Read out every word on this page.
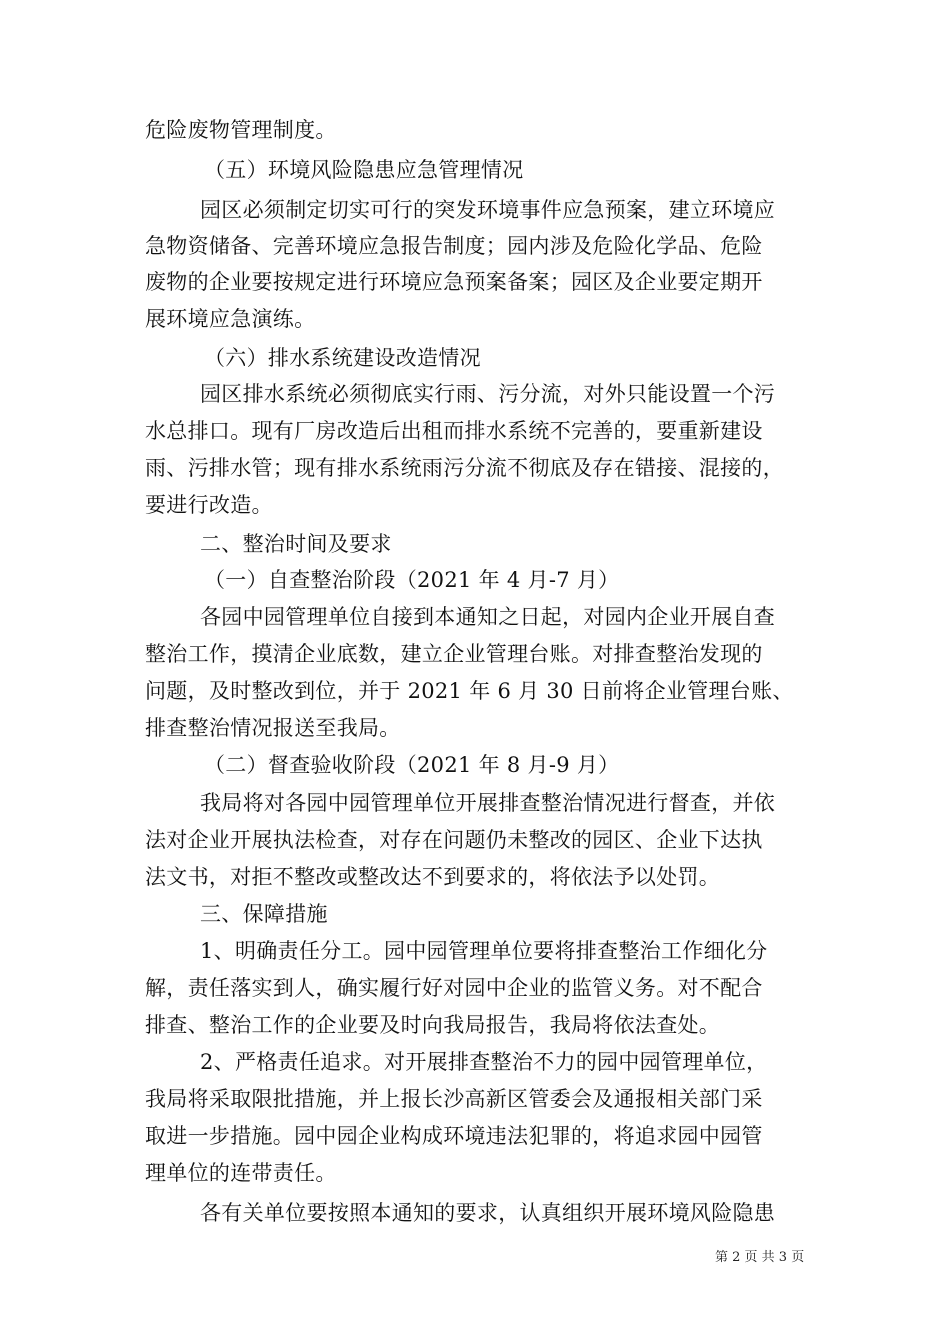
危险废物管理制度。
（五）环境风险隐患应急管理情况
园区必须制定切实可行的突发环境事件应急预案，建立环境应
急物资储备、完善环境应急报告制度；园内涉及危险化学品、危险
废物的企业要按规定进行环境应急预案备案；园区及企业要定期开
展环境应急演练。
（六）排水系统建设改造情况
园区排水系统必须彻底实行雨、污分流，对外只能设置一个污
水总排口。现有厂房改造后出租而排水系统不完善的，要重新建设
雨、污排水管；现有排水系统雨污分流不彻底及存在错接、混接的，
要进行改造。
二、整治时间及要求
（一）自查整治阶段（2021 年 4 月-7 月）
各园中园管理单位自接到本通知之日起，对园内企业开展自查
整治工作，摸清企业底数，建立企业管理台账。对排查整治发现的
问题，及时整改到位，并于 2021 年 6 月 30 日前将企业管理台账、
排查整治情况报送至我局。
（二）督查验收阶段（2021 年 8 月-9 月）
我局将对各园中园管理单位开展排查整治情况进行督查，并依
法对企业开展执法检查，对存在问题仍未整改的园区、企业下达执
法文书，对拒不整改或整改达不到要求的，将依法予以处罚。
三、保障措施
1、明确责任分工。园中园管理单位要将排查整治工作细化分
解，责任落实到人，确实履行好对园中企业的监管义务。对不配合
排查、整治工作的企业要及时向我局报告，我局将依法查处。
2、严格责任追求。对开展排查整治不力的园中园管理单位，
我局将采取限批措施，并上报长沙高新区管委会及通报相关部门采
取进一步措施。园中园企业构成环境违法犯罪的，将追求园中园管
理单位的连带责任。
各有关单位要按照本通知的要求，认真组织开展环境风险隐患
第 2 页 共 3 页
